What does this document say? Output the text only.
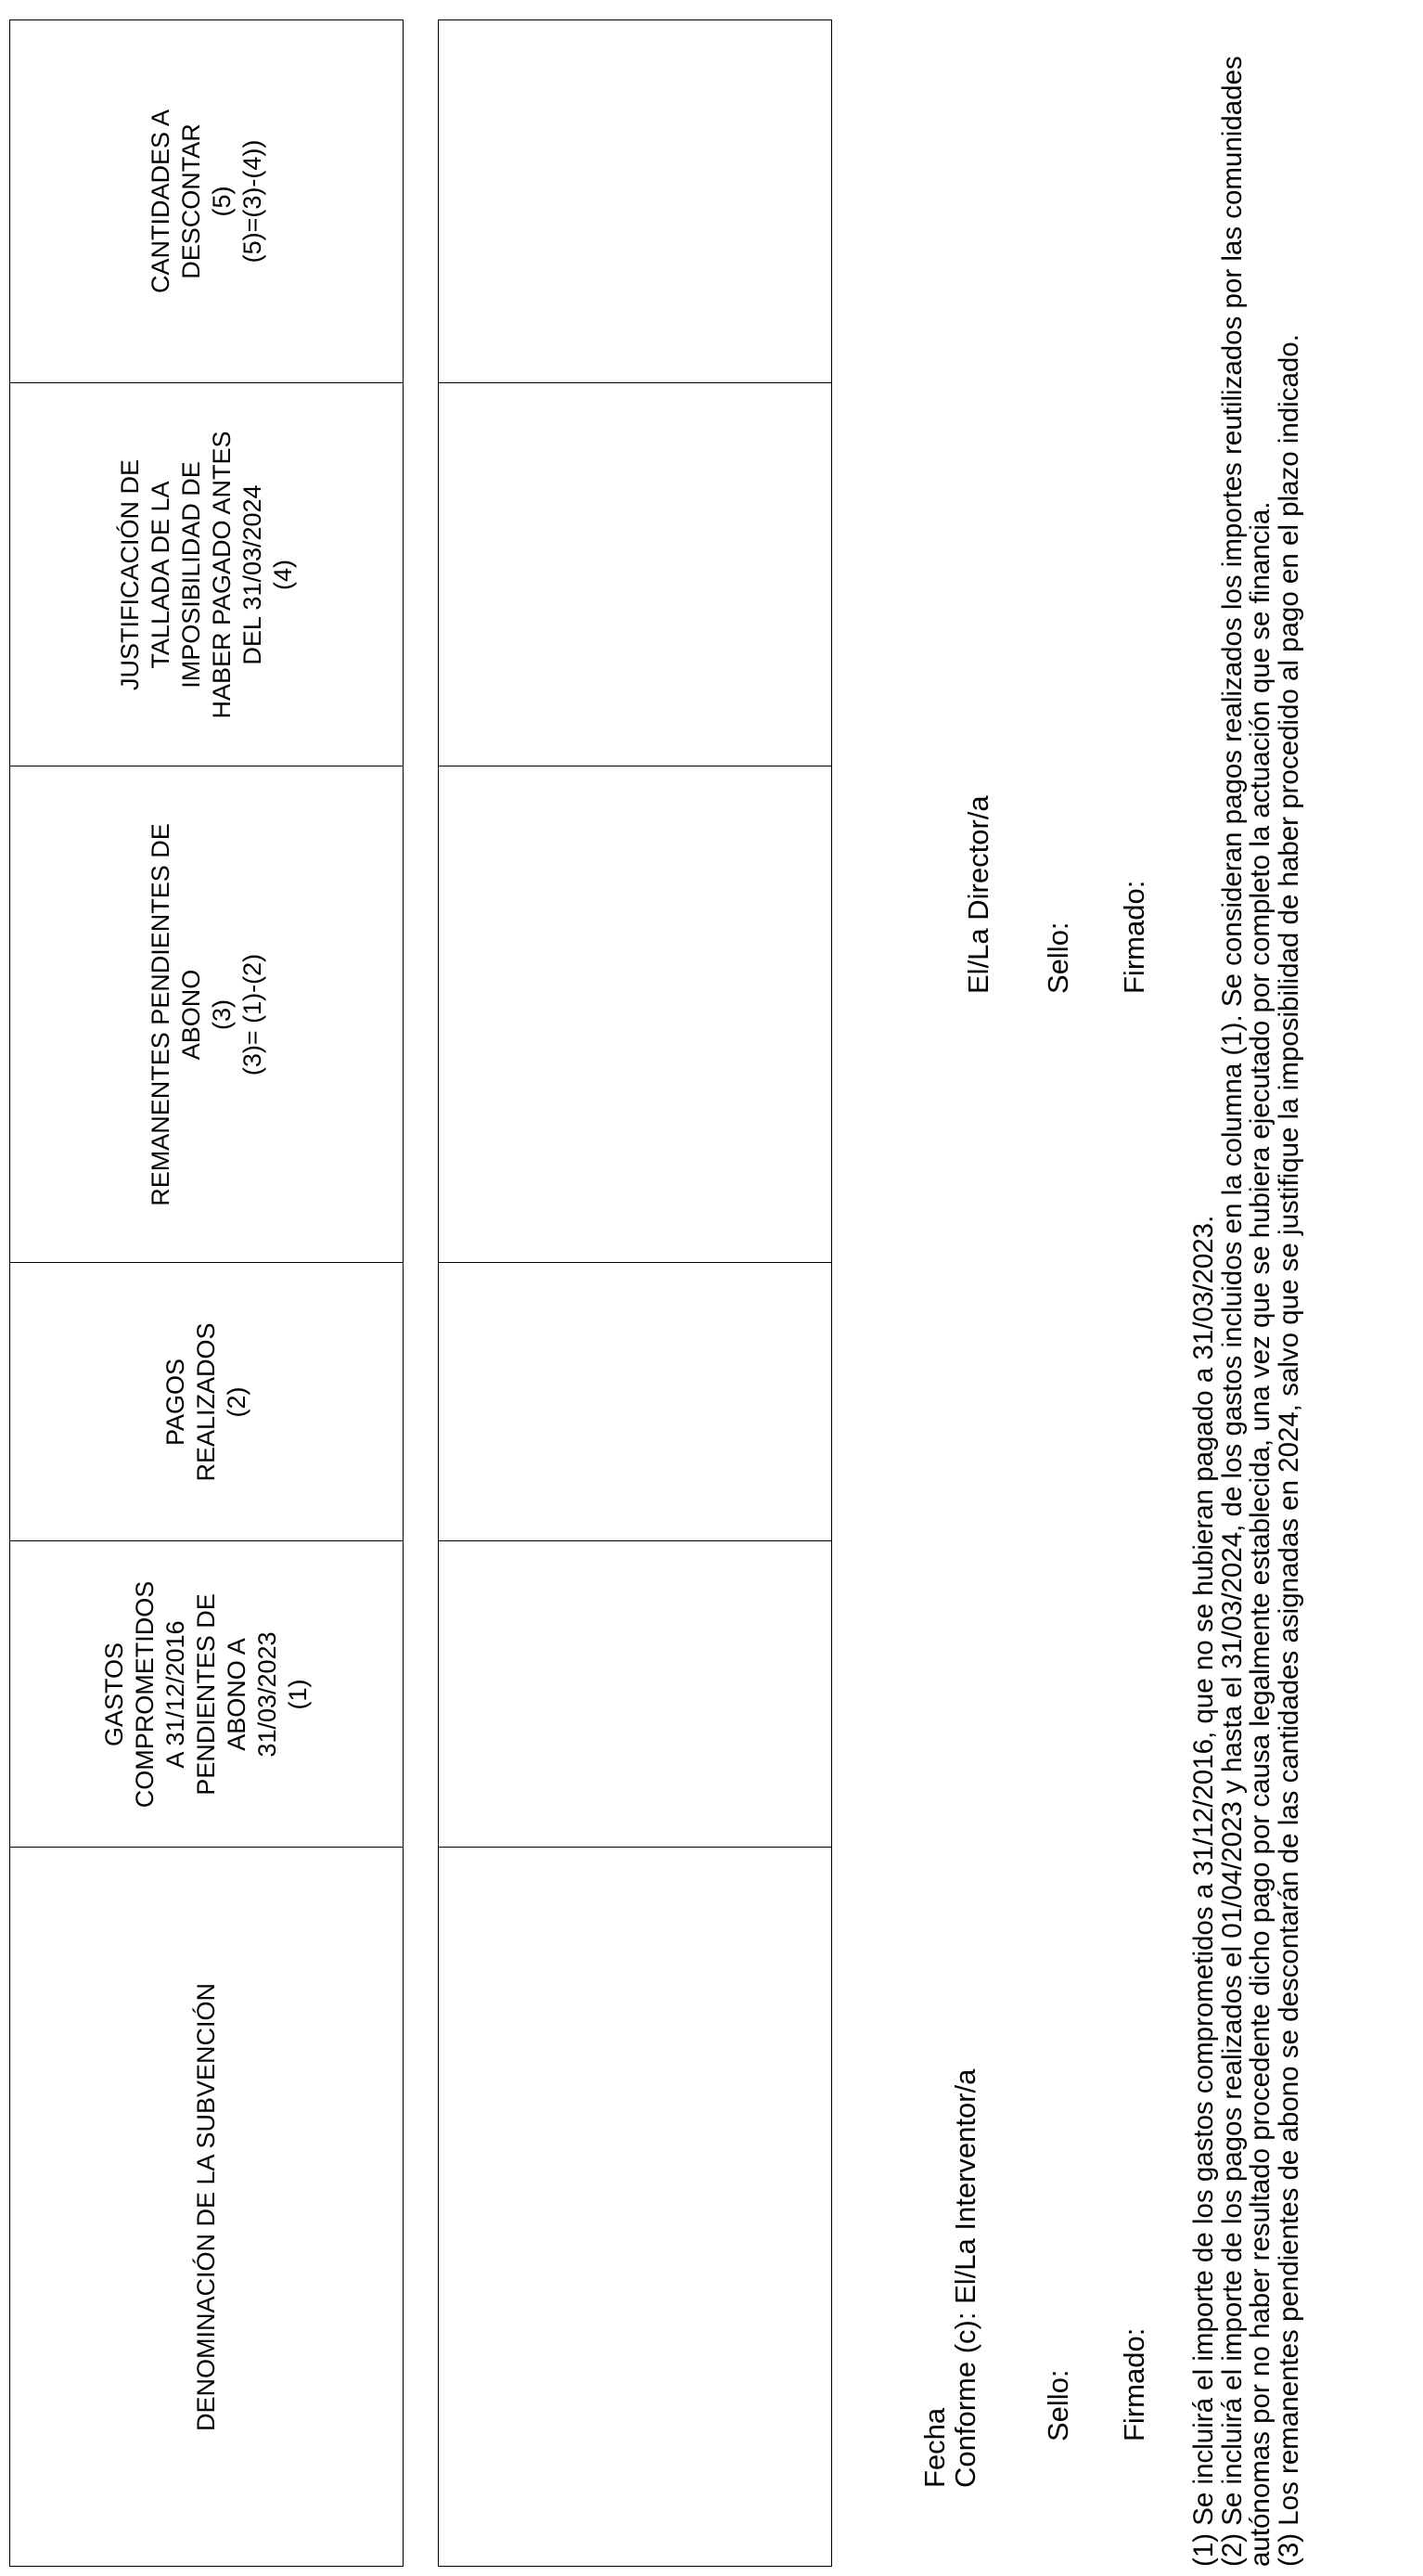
DENOMINACIÓN DE LA SUBVENCIÓN
GASTOS
COMPROMETIDOS
A 31/12/2016
PENDIENTES DE
ABONO A
31/03/2023
(1)
PAGOS
REALIZADOS
(2)
REMANENTES PENDIENTES DE
ABONO
(3)
(3)= (1)-(2)
JUSTIFICACIÓN DE
TALLADA DE LA
IMPOSIBILIDAD DE
HABER PAGADO ANTES
DEL 31/03/2024
(4)
CANTIDADES A
DESCONTAR
(5)
(5)=(3)-(4))
Fecha
Conforme (c): El/La Interventor/a
El/La Director/a
Sello:
Sello:
Firmado:
Firmado:

(1) Se incluirá el importe de los gastos comprometidos a 31/12/2016, que no se hubieran pagado a 31/03/2023.

(2) Se incluirá el importe de los pagos realizados el 01/04/2023 y hasta el 31/03/2024, de los gastos incluidos en la columna (1). Se consideran pagos realizados los importes reutilizados por las comunidades autónomas por no haber resultado procedente dicho pago por causa legalmente establecida, una vez que se hubiera ejecutado por completo la actuación que se financia.

(3) Los remanentes pendientes de abono se descontarán de las cantidades asignadas en 2024, salvo que se justifique la imposibilidad de haber procedido al pago en el plazo indicado.
